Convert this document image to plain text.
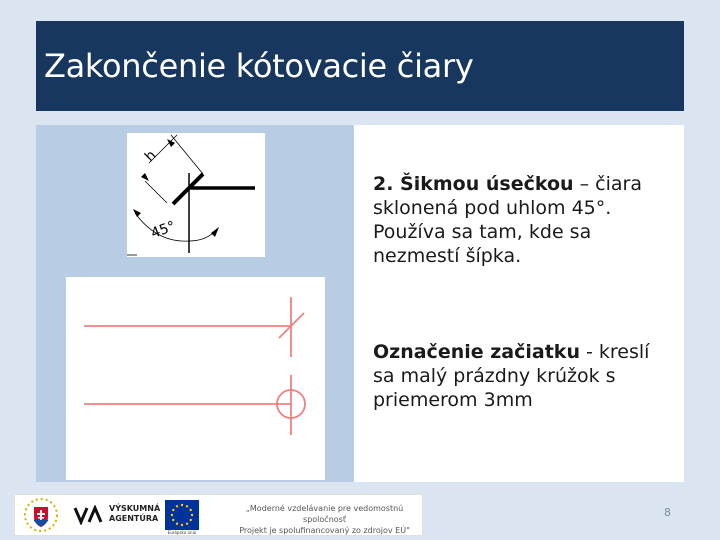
Zakončenie kótovacie čiary
h
45°
2. Šikmou úsečkou – čiara sklonená pod uhlom 45°. Používa sa tam, kde sa nezmestí šípka.
Označenie začiatku - kreslí sa malý prázdny krúžok s priemerom 3mm
VÝSKUMNÁ
AGENTÚRA
Európska únia
„Moderné vzdelávanie pre vedomostnú spoločnosť
Projekt je spolufinancovaný zo zdrojov EÚ"
8
